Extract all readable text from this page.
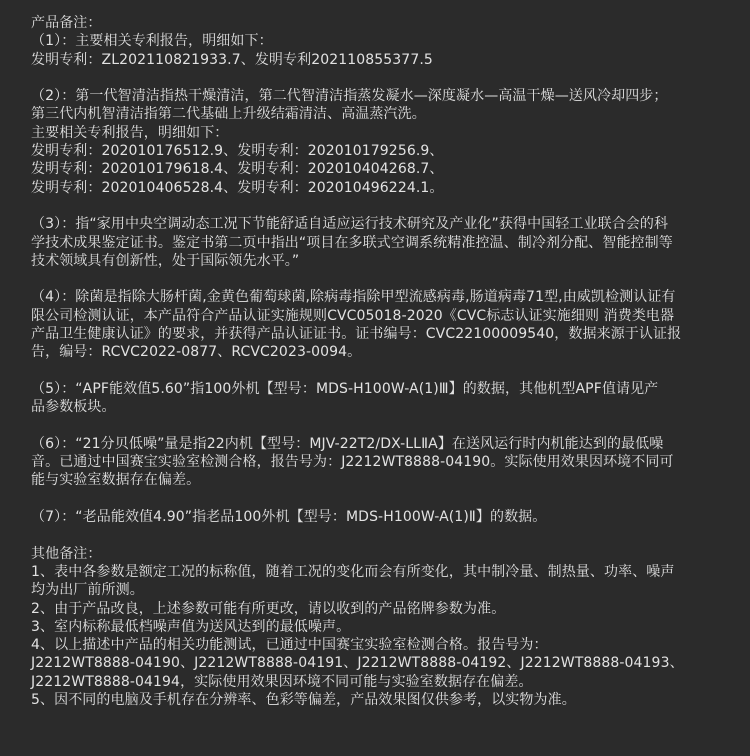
产品备注：
（1）：主要相关专利报告，明细如下：
发明专利：ZL202110821933.7、发明专利202110855377.5
（2）：第一代智清洁指热干燥清洁，第二代智清洁指蒸发凝水—深度凝水—高温干燥—送风冷却四步；
第三代内机智清洁指第二代基础上升级结霜清洁、高温蒸汽洗。
主要相关专利报告，明细如下：
发明专利：202010176512.9、发明专利：202010179256.9、
发明专利：202010179618.4、发明专利：202010404268.7、
发明专利：202010406528.4、发明专利：202010496224.1。
（3）：指“家用中央空调动态工况下节能舒适自适应运行技术研究及产业化”获得中国轻工业联合会的科
学技术成果鉴定证书。鉴定书第二页中指出“项目在多联式空调系统精准控温、制冷剂分配、智能控制等
技术领域具有创新性，处于国际领先水平。”
（4）：除菌是指除大肠杆菌,金黄色葡萄球菌,除病毒指除甲型流感病毒,肠道病毒71型,由威凯检测认证有
限公司检测认证，本产品符合产品认证实施规则CVC05018-2020《CVC标志认证实施细则 消费类电器
产品卫生健康认证》的要求，并获得产品认证证书。证书编号：CVC22100009540，数据来源于认证报
告，编号：RCVC2022-0877、RCVC2023-0094。
（5）：“APF能效值5.60”指100外机【型号：MDS-H100W-A(1)Ⅲ】的数据，其他机型APF值请见产
品参数板块。
（6）：“21分贝低噪”量是指22内机【型号：MJV-22T2/DX-LLⅡA】在送风运行时内机能达到的最低噪
音。已通过中国赛宝实验室检测合格，报告号为：J2212WT8888-04190。实际使用效果因环境不同可
能与实验室数据存在偏差。
（7）：“老品能效值4.90”指老品100外机【型号：MDS-H100W-A(1)Ⅱ】的数据。
其他备注：
1、表中各参数是额定工况的标称值，随着工况的变化而会有所变化，其中制冷量、制热量、功率、噪声
均为出厂前所测。
2、由于产品改良，上述参数可能有所更改，请以收到的产品铭牌参数为准。
3、室内标称最低档噪声值为送风达到的最低噪声。
4、以上描述中产品的相关功能测试，已通过中国赛宝实验室检测合格。报告号为：
J2212WT8888-04190、J2212WT8888-04191、J2212WT8888-04192、J2212WT8888-04193、
J2212WT8888-04194，实际使用效果因环境不同可能与实验室数据存在偏差。
5、因不同的电脑及手机存在分辨率、色彩等偏差，产品效果图仅供参考，以实物为准。
